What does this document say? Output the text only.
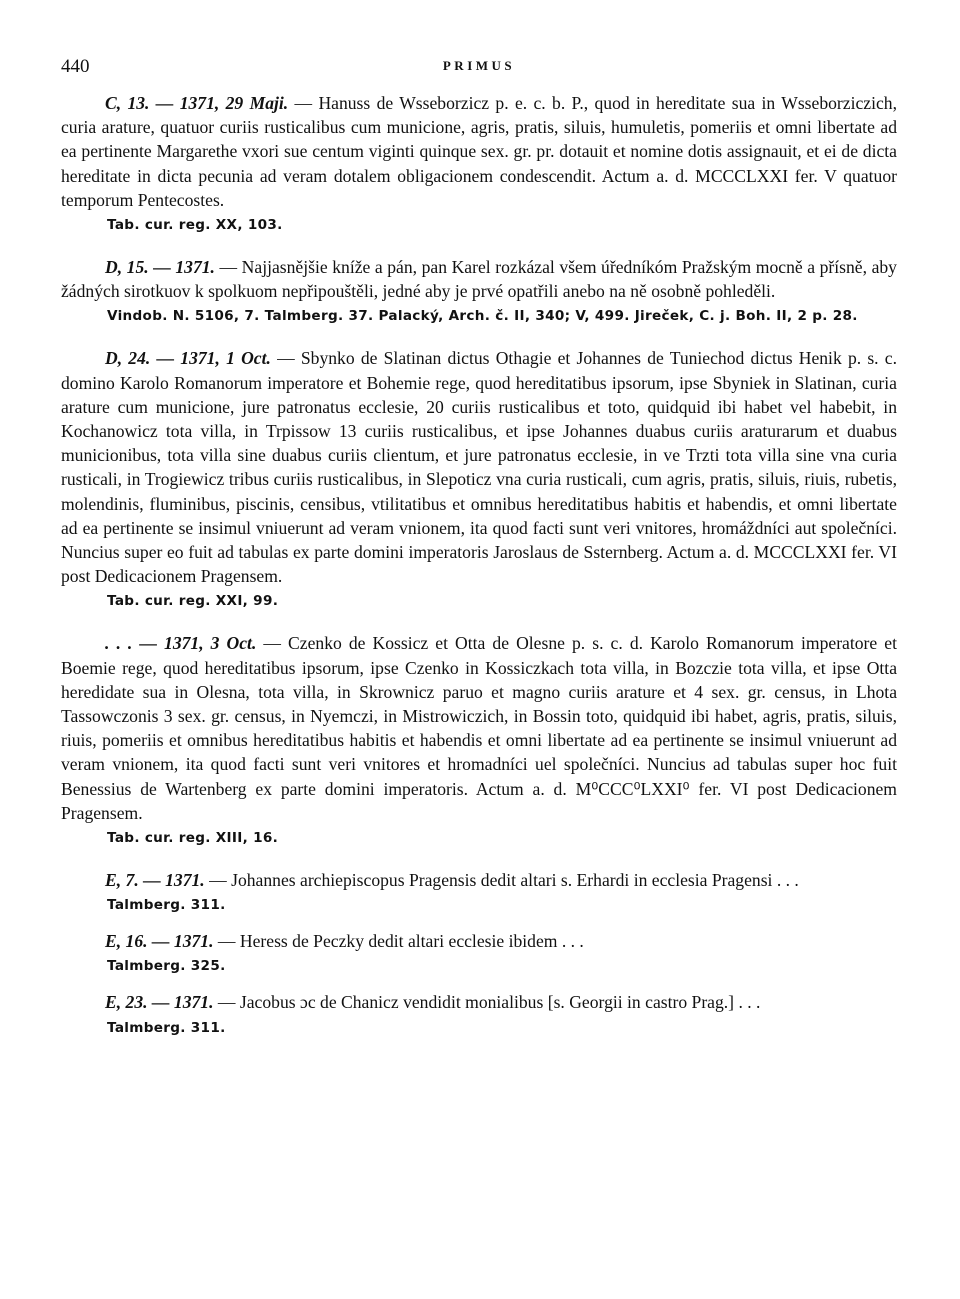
440	PRIMUS
C, 13. — 1371, 29 Maji. — Hanuss de Wsseborzicz p. e. c. b. P., quod in hereditate sua in Wsseborziczich, curia arature, quatuor curiis rusticalibus cum municione, agris, pratis, siluis, humuletis, pomeriis et omni libertate ad ea pertinente Margarethe vxori sue centum viginti quinque sex. gr. pr. dotauit et nomine dotis assignauit, et ei de dicta hereditate in dicta pecunia ad veram dotalem obligacionem condescendit. Actum a. d. MCCCLXXI fer. V quatuor temporum Pentecostes.
Tab. cur. reg. XX, 103.
D, 15. — 1371. — Najjasnějšie kníže a pán, pan Karel rozkázal všem úředníkóm Pražským mocně a přísně, aby žádných sirotkuov k spolkuom nepřipouštěli, jedné aby je prvé opatřili anebo na ně osobně pohleděli.
Vindob. N. 5106, 7. Talmberg. 37. Palacký, Arch. č. II, 340; V, 499. Jireček, C. j. Boh. II, 2 p. 28.
D, 24. — 1371, 1 Oct. — Sbynko de Slatinan dictus Othagie et Johannes de Tuniechod dictus Henik p. s. c. domino Karolo Romanorum imperatore et Bohemie rege, quod hereditatibus ipsorum, ipse Sbyniek in Slatinan, curia arature cum municione, jure patronatus ecclesie, 20 curiis rusticalibus et toto, quidquid ibi habet vel habebit, in Kochanowicz tota villa, in Trpissow 13 curiis rusticalibus, et ipse Johannes duabus curiis araturarum et duabus municionibus, tota villa sine duabus curiis clientum, et jure patronatus ecclesie, in ve Trzti tota villa sine vna curia rusticali, in Trogiewicz tribus curiis rusticalibus, in Slepoticz vna curia rusticali, cum agris, pratis, siluis, riuis, rubetis, molendinis, fluminibus, piscinis, censibus, vtilitatibus et omnibus hereditatibus habitis et habendis, et omni libertate ad ea pertinente se insimul vniuerunt ad veram vnionem, ita quod facti sunt veri vnitores, hromáždníci aut společníci. Nuncius super eo fuit ad tabulas ex parte domini imperatoris Jaroslaus de Ssternberg. Actum a. d. MCCCLXXI fer. VI post Dedicacionem Pragensem.
Tab. cur. reg. XXI, 99.
. . . — 1371, 3 Oct. — Czenko de Kossicz et Otta de Olesne p. s. c. d. Karolo Romanorum imperatore et Boemie rege, quod hereditatibus ipsorum, ipse Czenko in Kossiczkach tota villa, in Bozczie tota villa, et ipse Otta heredidate sua in Olesna, tota villa, in Skrownicz paruo et magno curiis arature et 4 sex. gr. census, in Lhota Tassowczonis 3 sex. gr. census, in Nyemczi, in Mistrowiczich, in Bossin toto, quidquid ibi habet, agris, pratis, siluis, riuis, pomeriis et omnibus hereditatibus habitis et habendis et omni libertate ad ea pertinente se insimul vniuerunt ad veram vnionem, ita quod facti sunt veri vnitores et hromadníci uel společníci. Nuncius ad tabulas super hoc fuit Benessius de Wartenberg ex parte domini imperatoris. Actum a. d. M⁰CCC⁰LXXI⁰ fer. VI post Dedicacionem Pragensem.
Tab. cur. reg. XIII, 16.
E, 7. — 1371. — Johannes archiepiscopus Pragensis dedit altari s. Erhardi in ecclesia Pragensi . . .
Talmberg. 311.
E, 16. — 1371. — Heress de Peczky dedit altari ecclesie ibidem . . .
Talmberg. 325.
E, 23. — 1371. — Jacobus ɔc de Chanicz vendidit monialibus [s. Georgii in castro Prag.] . . .
Talmberg. 311.
